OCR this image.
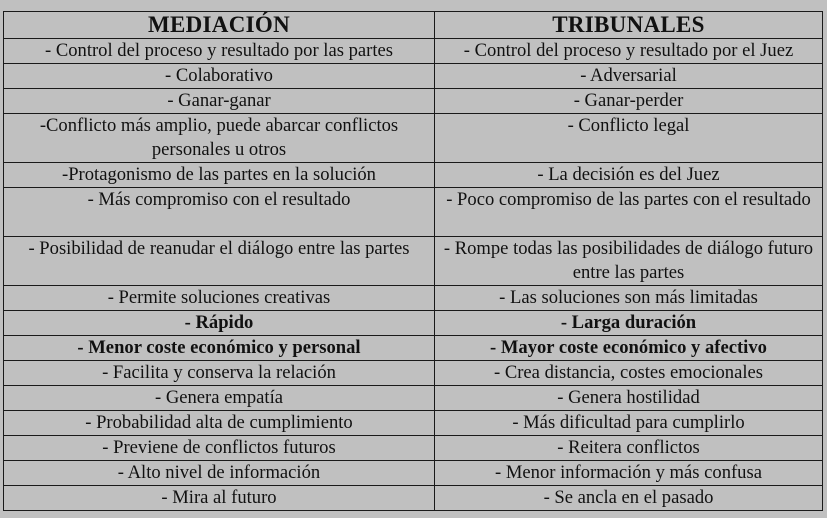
MEDIACIÓN	TRIBUNALES
- Control del proceso y resultado por las partes	- Control del proceso y resultado por el Juez
- Colaborativo	- Adversarial
- Ganar-ganar	- Ganar-perder
-Conflicto más amplio, puede abarcar conflictos personales u otros	- Conflicto legal
-Protagonismo de las partes en la solución	- La decisión es del Juez
- Más compromiso con el resultado	- Poco compromiso de las partes con el resultado
- Posibilidad de reanudar el diálogo entre las partes	- Rompe todas las posibilidades de diálogo futuro entre las partes
- Permite soluciones creativas	- Las soluciones son más limitadas
- Rápido	- Larga duración
- Menor coste económico y personal	- Mayor coste económico y afectivo
- Facilita y conserva la relación	- Crea distancia, costes emocionales
- Genera empatía	- Genera hostilidad
- Probabilidad alta de cumplimiento	- Más dificultad para cumplirlo
- Previene de conflictos futuros	- Reitera conflictos
- Alto nivel de información	- Menor información y más confusa
- Mira al futuro	- Se ancla en el pasado
